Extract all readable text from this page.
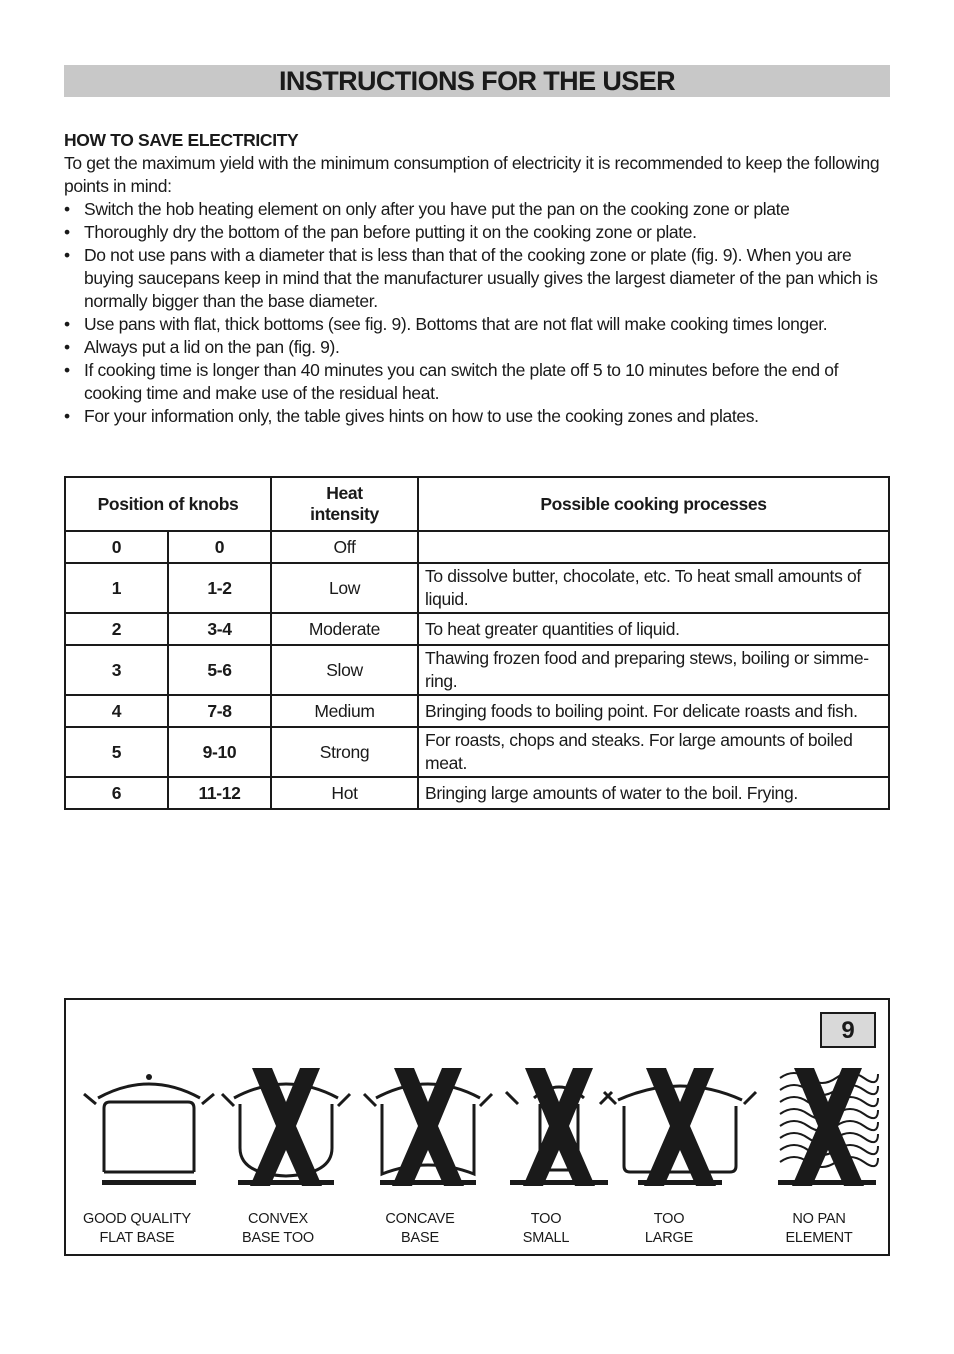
INSTRUCTIONS FOR THE USER
HOW TO SAVE ELECTRICITY

To get the maximum yield with the minimum consumption of electricity it is recommended to keep the following points in mind:

• Switch the hob heating element on only after you have put the pan on the cooking zone or plate
• Thoroughly dry the bottom of the pan before putting it on the cooking zone or plate.
• Do not use pans with a diameter that is less than that of the cooking zone or plate (fig. 9). When you are buying saucepans keep in mind that the manufacturer usually gives the largest diameter of the pan which is normally bigger than the base diameter.
• Use pans with flat, thick bottoms (see fig. 9). Bottoms that are not flat will make cooking times longer.
• Always put a lid on the pan (fig. 9).
• If cooking time is longer than 40 minutes you can switch the plate off 5 to 10 minutes before the end of cooking time and make use of the residual heat.
• For your information only, the table gives hints on how to use the cooking zones and plates.
Position of knobs		Heat intensity	Possible cooking processes
0	0	Off	
1	1-2	Low	To dissolve butter, chocolate, etc. To heat small amounts of liquid.
2	3-4	Moderate	To heat greater quantities of liquid.
3	5-6	Slow	Thawing frozen food and preparing stews, boiling or simme-ring.
4	7-8	Medium	Bringing foods to boiling point. For delicate roasts and fish.
5	9-10	Strong	For roasts, chops and steaks. For large amounts of boiled meat.
6	11-12	Hot	Bringing large amounts of water to the boil. Frying.
9
GOOD QUALITY
FLAT BASE
CONVEX
BASE TOO
CONCAVE
BASE
TOO
SMALL
TOO
LARGE
NO PAN
ELEMENT
